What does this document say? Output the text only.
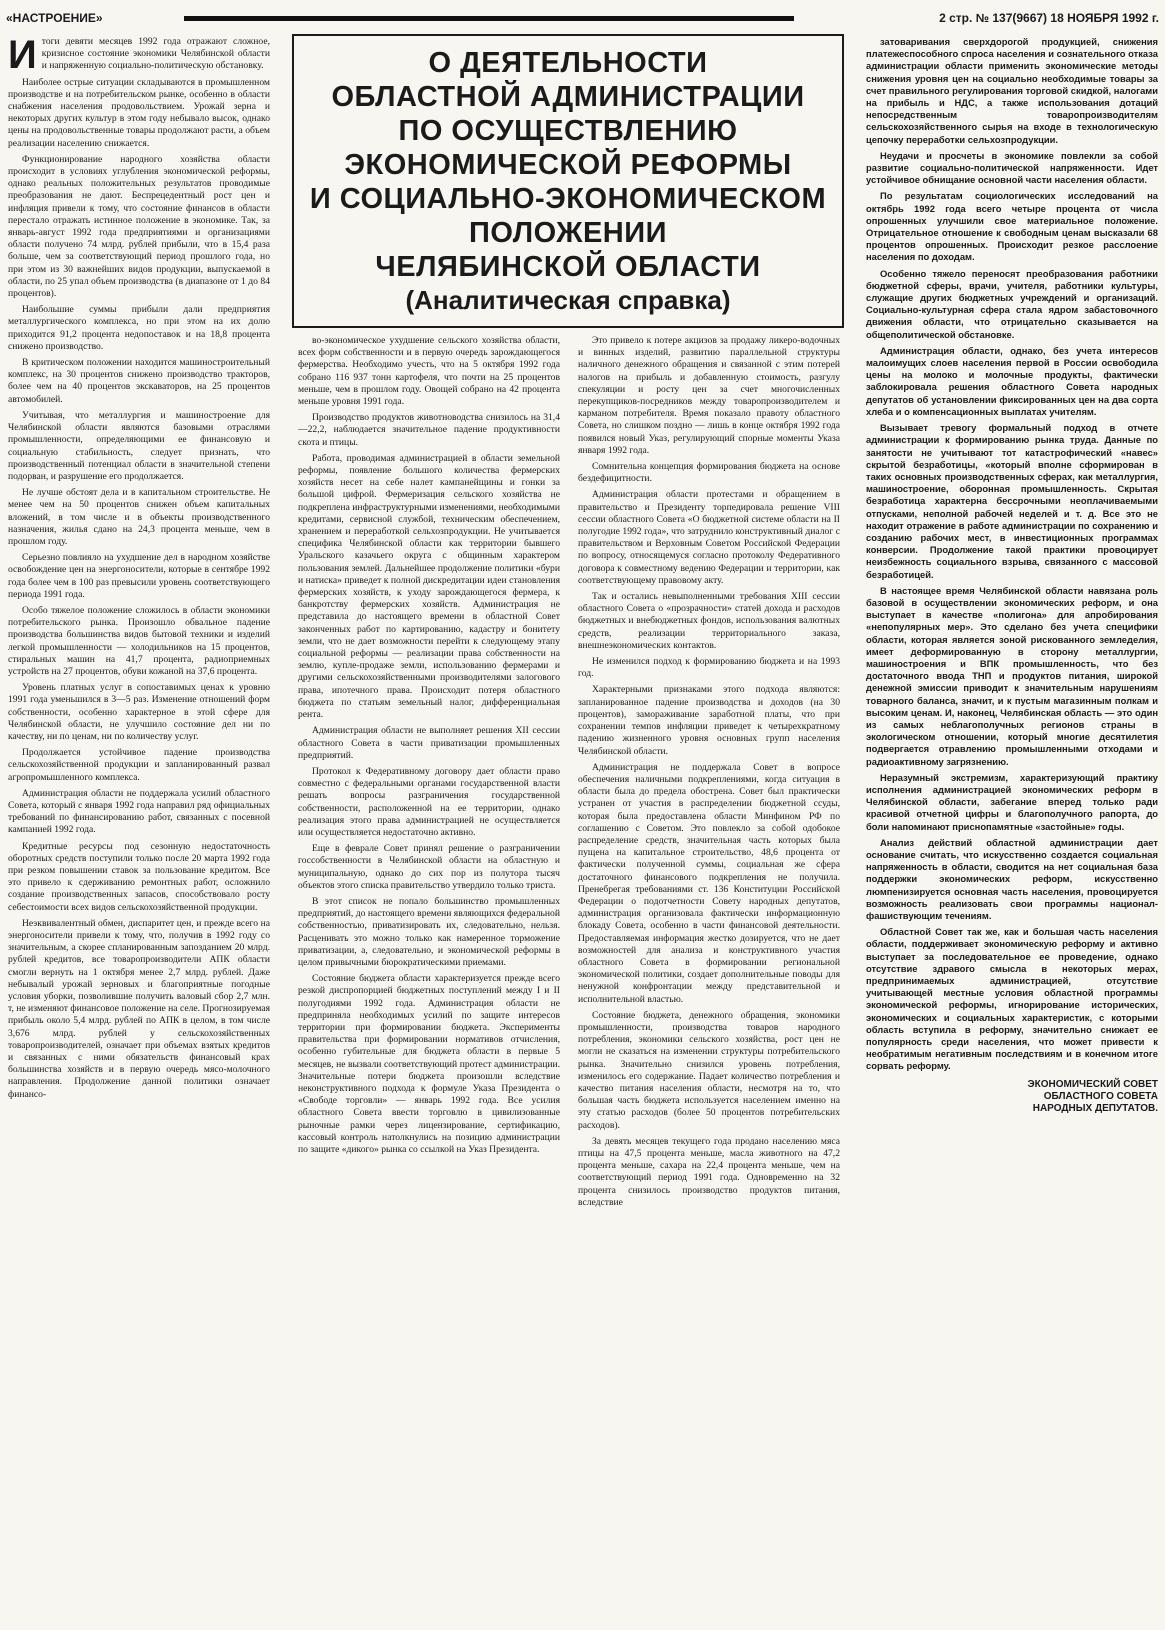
«НАСТРОЕНИЕ»	2 стр. № 137(9667) 18 НОЯБРЯ 1992 г.
О ДЕЯТЕЛЬНОСТИ
ОБЛАСТНОЙ АДМИНИСТРАЦИИ
ПО ОСУЩЕСТВЛЕНИЮ
ЭКОНОМИЧЕСКОЙ РЕФОРМЫ
И СОЦИАЛЬНО-ЭКОНОМИЧЕСКОМ
ПОЛОЖЕНИИ
ЧЕЛЯБИНСКОЙ ОБЛАСТИ
(Аналитическая справка)

Итоги девяти месяцев 1992 года отражают сложное, кризисное состояние экономики Челябинской области и напряженную социально-политическую обстановку.

Наиболее острые ситуации складываются в промышленном производстве и на потребительском рынке, особенно в области снабжения населения продовольствием. Урожай зерна и некоторых других культур в этом году небывало высок, однако цены на продовольственные товары продолжают расти, а объем реализации населению снижается.

Функционирование народного хозяйства области происходит в условиях углубления экономической реформы, однако реальных положительных результатов проводимые преобразования не дают. Беспрецедентный рост цен и инфляция привели к тому, что состояние финансов в области перестало отражать истинное положение в экономике. Так, за январь-август 1992 года предприятиями и организациями области получено 74 млрд. рублей прибыли, что в 15,4 раза больше, чем за соответствующий период прошлого года, но при этом из 30 важнейших видов продукции, выпускаемой в области, по 25 упал объем производства (в диапазоне от 1 до 84 процентов).

Наибольшие суммы прибыли дали предприятия металлургического комплекса, но при этом на их долю приходится 91,2 процента недопоставок и на 18,8 процента снижено производство.

В критическом положении находится машиностроительный комплекс, на 30 процентов снижено производство тракторов, более чем на 40 процентов экскаваторов, на 25 процентов автомобилей.

Учитывая, что металлургия и машиностроение для Челябинской области являются базовыми отраслями промышленности, определяющими ее финансовую и социальную стабильность, следует признать, что производственный потенциал области в значительной степени подорван, и разрушение его продолжается.

Не лучше обстоят дела и в капитальном строительстве. Не менее чем на 50 процентов снижен объем капитальных вложений, в том числе и в объекты производственного назначения, жилья сдано на 24,3 процента меньше, чем в прошлом году.

Серьезно повлияло на ухудшение дел в народном хозяйстве освобождение цен на энергоносители, которые в сентябре 1992 года более чем в 100 раз превысили уровень соответствующего периода 1991 года.

Особо тяжелое положение сложилось в области экономики потребительского рынка. Произошло обвальное падение производства большинства видов бытовой техники и изделий легкой промышленности — холодильников на 15 процентов, стиральных машин на 41,7 процента, радиоприемных устройств на 27 процентов, обуви кожаной на 37,6 процента.

Уровень платных услуг в сопоставимых ценах к уровню 1991 года уменьшился в 3—5 раз. Изменение отношений форм собственности, особенно характерное в этой сфере для Челябинской области, не улучшило состояние дел ни по качеству, ни по ценам, ни по количеству услуг.

Продолжается устойчивое падение производства сельскохозяйственной продукции и запланированный развал агропромышленного комплекса.

Администрация области не поддержала усилий областного Совета, который с января 1992 года направил ряд официальных требований по финансированию работ, связанных с посевной кампанией 1992 года.

Кредитные ресурсы под сезонную недостаточность оборотных средств поступили только после 20 марта 1992 года при резком повышении ставок за пользование кредитом. Все это привело к сдерживанию ремонтных работ, осложнило создание производственных запасов, способствовало росту себестоимости всех видов сельскохозяйственной продукции.

Неэквивалентный обмен, диспаритет цен, и прежде всего на энергоносители привели к тому, что, получив в 1992 году со значительным, а скорее спланированным запозданием 20 млрд. рублей кредитов, все товаропроизводители АПК области смогли вернуть на 1 октября менее 2,7 млрд. рублей. Даже небывалый урожай зерновых и благоприятные погодные условия уборки, позволившие получить валовый сбор 2,7 млн. т, не изменяют финансовое положение на селе. Прогнозируемая прибыль около 5,4 млрд. рублей по АПК в целом, в том числе 3,676 млрд. рублей у сельскохозяйственных товаропроизводителей, означает при объемах взятых кредитов и связанных с ними обязательств финансовый крах большинства хозяйств и в первую очередь мясо-молочного направления. Продолжение данной политики означает финансо-

во-экономическое ухудшение сельского хозяйства области, всех форм собственности и в первую очередь зарождающегося фермерства. Необходимо учесть, что на 5 октября 1992 года собрано 116 937 тонн картофеля, что почти на 25 процентов меньше, чем в прошлом году. Овощей собрано на 42 процента меньше уровня 1991 года.

Производство продуктов животноводства снизилось на 31,4—22,2, наблюдается значительное падение продуктивности скота и птицы.

Работа, проводимая администрацией в области земельной реформы, появление большого количества фермерских хозяйств несет на себе налет кампанейщины и гонки за большой цифрой. Фермеризация сельского хозяйства не подкреплена инфраструктурными изменениями, необходимыми кредитами, сервисной службой, техническим обеспечением, хранением и переработкой сельхозпродукции. Не учитывается специфика Челябинской области как территории бывшего Уральского казачьего округа с общинным характером пользования землей. Дальнейшее продолжение политики «бури и натиска» приведет к полной дискредитации идеи становления фермерских хозяйств, к уходу зарождающегося фермера, к банкротству фермерских хозяйств. Администрация не представила до настоящего времени в областной Совет законченных работ по картированию, кадастру и бонитету земли, что не дает возможности перейти к следующему этапу социальной реформы — реализации права собственности на землю, купле-продаже земли, использованию фермерами и другими сельскохозяйственными производителями залогового права, ипотечного права. Происходит потеря областного бюджета по статьям земельный налог, дифференциальная рента.

Администрация области не выполняет решения XII сессии областного Совета в части приватизации промышленных предприятий.

Протокол к Федеративному договору дает области право совместно с федеральными органами государственной власти решать вопросы разграничения государственной собственности, расположенной на ее территории, однако реализация этого права администрацией не осуществляется или осуществляется недостаточно активно.

Еще в феврале Совет принял решение о разграничении госсобственности в Челябинской области на областную и муниципальную, однако до сих пор из полутора тысяч объектов этого списка правительство утвердило только триста.

В этот список не попало большинство промышленных предприятий, до настоящего времени являющихся федеральной собственностью, приватизировать их, следовательно, нельзя. Расценивать это можно только как намеренное торможение приватизации, а, следовательно, и экономической реформы в целом привычными бюрократическими приемами.

Состояние бюджета области характеризуется прежде всего резкой диспропорцией бюджетных поступлений между I и II полугодиями 1992 года. Администрация области не предприняла необходимых усилий по защите интересов территории при формировании бюджета. Эксперименты правительства при формировании нормативов отчисления, особенно губительные для бюджета области в первые 5 месяцев, не вызвали соответствующий протест администрации. Значительные потери бюджета произошли вследствие неконструктивного подхода к формуле Указа Президента о «Свободе торговли» — январь 1992 года. Все усилия областного Совета ввести торговлю в цивилизованные рыночные рамки через лицензирование, сертификацию, кассовый контроль натолкнулись на позицию администрации по защите «дикого» рынка со ссылкой на Указ Президента.

Это привело к потере акцизов за продажу ликеро-водочных и винных изделий, развитию параллельной структуры наличного денежного обращения и связанной с этим потерей налогов на прибыль и добавленную стоимость, разгулу спекуляции и росту цен за счет многочисленных перекупщиков-посредников между товаропроизводителем и карманом потребителя. Время показало правоту областного Совета, но слишком поздно — лишь в конце октября 1992 года появился новый Указ, регулирующий спорные моменты Указа января 1992 года.

Сомнительна концепция формирования бюджета на основе бездефицитности.

Администрация области протестами и обращением в правительство и Президенту торпедировала решение VIII сессии областного Совета «О бюджетной системе области на II полугодие 1992 года», что затруднило конструктивный диалог с правительством и Верховным Советом Российской Федерации по вопросу, относящемуся согласно протоколу Федеративного договора к совместному ведению Федерации и территории, как соответствующему правовому акту.

Так и остались невыполненными требования XIII сессии областного Совета о «прозрачности» статей дохода и расходов бюджетных и внебюджетных фондов, использования валютных средств, реализации территориального заказа, внешнеэкономических контактов.

Не изменился подход к формированию бюджета и на 1993 год.

Характерными признаками этого подхода являются: запланированное падение производства и доходов (на 30 процентов), замораживание заработной платы, что при сохранении темпов инфляции приведет к четырехкратному падению жизненного уровня основных групп населения Челябинской области.

Администрация не поддержала Совет в вопросе обеспечения наличными подкреплениями, когда ситуация в области была до предела обострена. Совет был практически устранен от участия в распределении бюджетной ссуды, которая была предоставлена области Минфином РФ по соглашению с Советом. Это повлекло за собой одобокое распределение средств, значительная часть которых была пущена на капитальное строительство, 48,6 процента от фактически полученной суммы, социальная же сфера достаточного финансового подкрепления не получила. Пренебрегая требованиями ст. 136 Конституции Российской Федерации о подотчетности Совету народных депутатов, администрация организовала фактически информационную блокаду Совета, особенно в части финансовой деятельности. Предоставляемая информация жестко дозируется, что не дает возможностей для анализа и конструктивного участия областного Совета в формировании региональной экономической политики, создает дополнительные поводы для ненужной конфронтации между представительной и исполнительной властью.

Состояние бюджета, денежного обращения, экономики промышленности, производства товаров народного потребления, экономики сельского хозяйства, рост цен не могли не сказаться на изменении структуры потребительского рынка. Значительно снизился уровень потребления, изменилось его содержание. Падает количество потребления и качество питания населения области, несмотря на то, что большая часть бюджета используется населением именно на эту статью расходов (более 50 процентов потребительских расходов).

За девять месяцев текущего года продано населению мяса птицы на 47,5 процента меньше, масла животного на 47,2 процента меньше, сахара на 22,4 процента меньше, чем на соответствующий период 1991 года. Одновременно на 32 процента снизилось производство продуктов питания, вследствие

затоваривания сверхдорогой продукцией, снижения платежеспособного спроса населения и сознательного отказа администрации области применить экономические методы снижения уровня цен на социально необходимые товары за счет правильного регулирования торговой скидкой, налогами на прибыль и НДС, а также использования дотаций непосредственным товаропроизводителям сельскохозяйственного сырья на входе в технологическую цепочку переработки сельхозпродукции.

Неудачи и просчеты в экономике повлекли за собой развитие социально-политической напряженности. Идет устойчивое обнищание основной части населения области.

По результатам социологических исследований на октябрь 1992 года всего четыре процента от числа опрошенных улучшили свое материальное положение. Отрицательное отношение к свободным ценам высказали 68 процентов опрошенных. Происходит резкое расслоение населения по доходам.

Особенно тяжело переносят преобразования работники бюджетной сферы, врачи, учителя, работники культуры, служащие других бюджетных учреждений и организаций. Социально-культурная сфера стала ядром забастовочного движения области, что отрицательно сказывается на общеполитической обстановке.

Администрация области, однако, без учета интересов малоимущих слоев населения первой в России освободила цены на молоко и молочные продукты, фактически заблокировала решения областного Совета народных депутатов об установлении фиксированных цен на два сорта хлеба и о компенсационных выплатах учителям.

Вызывает тревогу формальный подход в отчете администрации к формированию рынка труда. Данные по занятости не учитывают тот катастрофический «навес» скрытой безработицы, «который вполне сформирован в таких основных производственных сферах, как металлургия, машиностроение, оборонная промышленность. Скрытая безработица характерна бессрочными неоплачиваемыми отпусками, неполной рабочей неделей и т. д. Все это не находит отражение в работе администрации по сохранению и созданию рабочих мест, в инвестиционных программах конверсии. Продолжение такой практики провоцирует неизбежность социального взрыва, связанного с массовой безработицей.

В настоящее время Челябинской области навязана роль базовой в осуществлении экономических реформ, и она выступает в качестве «полигона» для апробирования «непопулярных мер». Это сделано без учета специфики области, которая является зоной рискованного земледелия, имеет деформированную в сторону металлургии, машиностроения и ВПК промышленность, что без достаточного ввода ТНП и продуктов питания, широкой денежной эмиссии приводит к значительным нарушениям товарного баланса, значит, и к пустым магазинным полкам и высоким ценам. И, наконец, Челябинская область — это один из самых неблагополучных регионов страны в экологическом отношении, который многие десятилетия подвергается отравлению промышленными отходами и радиоактивному загрязнению.

Неразумный экстремизм, характеризующий практику исполнения администрацией экономических реформ в Челябинской области, забегание вперед только ради красивой отчетной цифры и благополучного рапорта, до боли напоминают приснопамятные «застойные» годы.

Анализ действий областной администрации дает основание считать, что искусственно создается социальная напряженность в области, сводится на нет социальная база поддержки экономических реформ, искусственно люмпенизируется основная часть населения, провоцируется возможность реализовать свои программы национал-фашиствующим течениям.

Областной Совет так же, как и большая часть населения области, поддерживает экономическую реформу и активно выступает за последовательное ее проведение, однако отсутствие здравого смысла в некоторых мерах, предпринимаемых администрацией, отсутствие учитывающей местные условия областной программы экономической реформы, игнорирование исторических, экономических и социальных характеристик, с которыми область вступила в реформу, значительно снижает ее популярность среди населения, что может привести к необратимым негативным последствиям и в конечном итоге сорвать реформу.

ЭКОНОМИЧЕСКИЙ СОВЕТ
ОБЛАСТНОГО СОВЕТА
НАРОДНЫХ ДЕПУТАТОВ.
